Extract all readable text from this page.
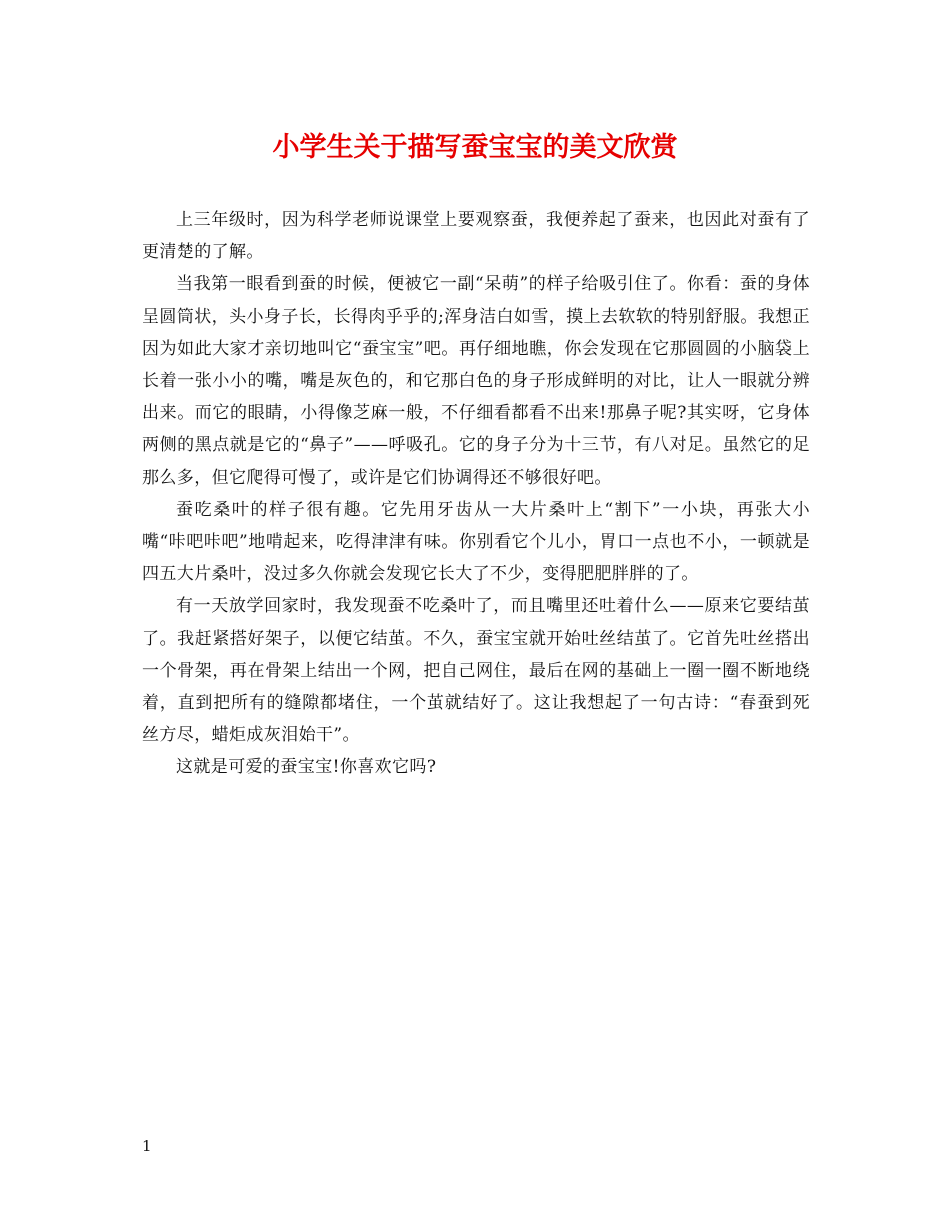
小学生关于描写蚕宝宝的美文欣赏

上三年级时，因为科学老师说课堂上要观察蚕，我便养起了蚕来，也因此对蚕有了更清楚的了解。

当我第一眼看到蚕的时候，便被它一副“呆萌”的样子给吸引住了。你看：蚕的身体呈圆筒状，头小身子长，长得肉乎乎的;浑身洁白如雪，摸上去软软的特别舒服。我想正因为如此大家才亲切地叫它“蚕宝宝”吧。再仔细地瞧，你会发现在它那圆圆的小脑袋上长着一张小小的嘴，嘴是灰色的，和它那白色的身子形成鲜明的对比，让人一眼就分辨出来。而它的眼睛，小得像芝麻一般，不仔细看都看不出来!那鼻子呢?其实呀，它身体两侧的黑点就是它的“鼻子”——呼吸孔。它的身子分为十三节，有八对足。虽然它的足那么多，但它爬得可慢了，或许是它们协调得还不够很好吧。

蚕吃桑叶的样子很有趣。它先用牙齿从一大片桑叶上“割下”一小块，再张大小嘴“咔吧咔吧”地啃起来，吃得津津有味。你别看它个儿小，胃口一点也不小，一顿就是四五大片桑叶，没过多久你就会发现它长大了不少，变得肥肥胖胖的了。

有一天放学回家时，我发现蚕不吃桑叶了，而且嘴里还吐着什么——原来它要结茧了。我赶紧搭好架子，以便它结茧。不久，蚕宝宝就开始吐丝结茧了。它首先吐丝搭出一个骨架，再在骨架上结出一个网，把自己网住，最后在网的基础上一圈一圈不断地绕着，直到把所有的缝隙都堵住，一个茧就结好了。这让我想起了一句古诗：“春蚕到死丝方尽，蜡炬成灰泪始干”。

这就是可爱的蚕宝宝!你喜欢它吗?

1
